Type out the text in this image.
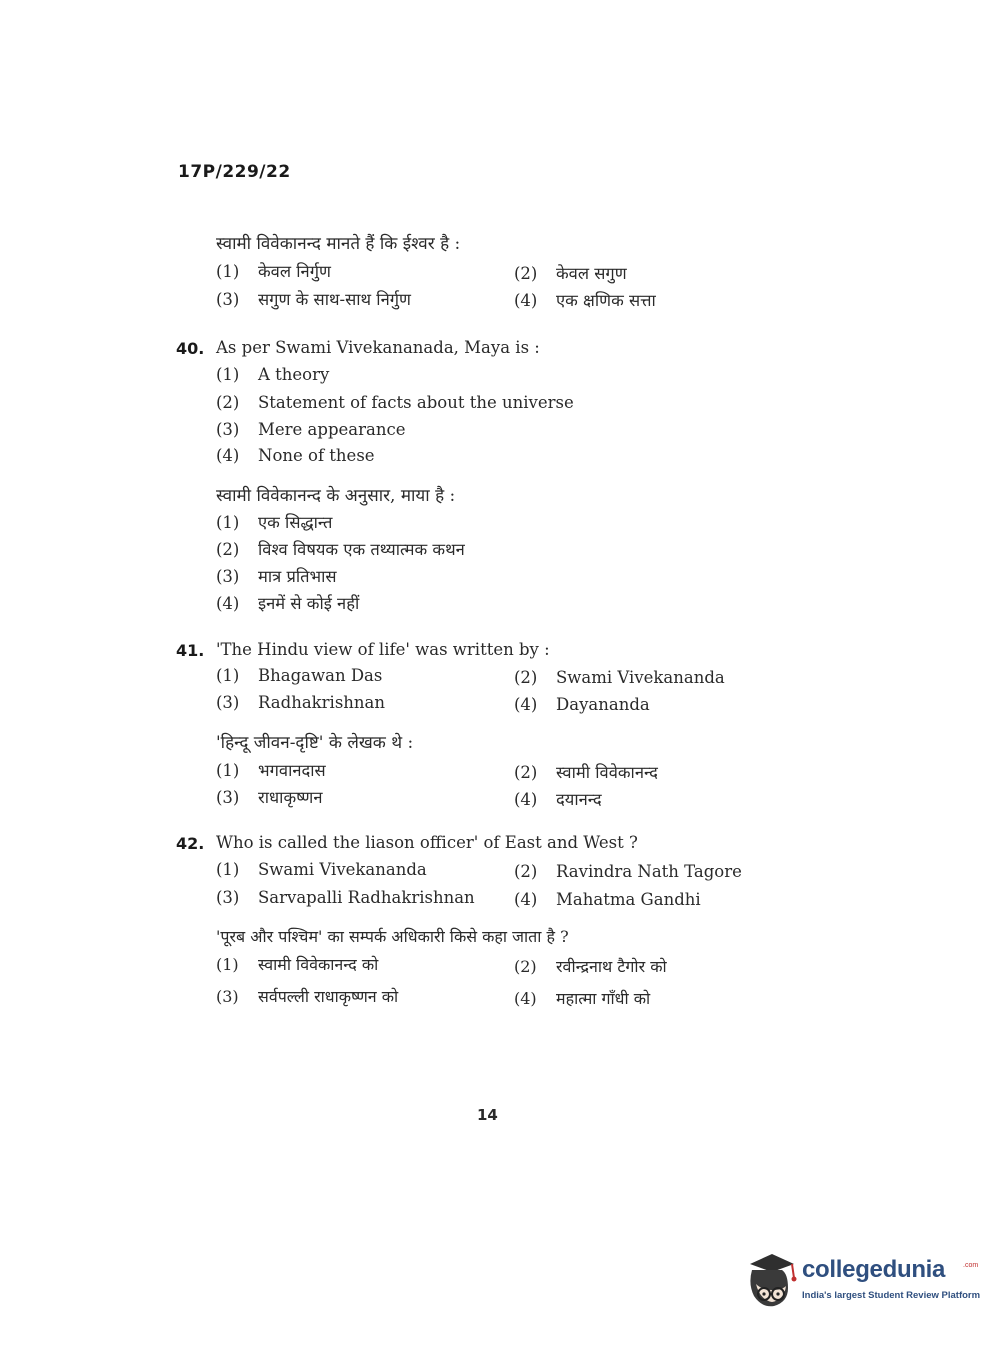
17P/229/22
स्वामी विवेकानन्द मानते हैं कि ईश्वर है :
(1) केवल निर्गुण	(2) केवल सगुण
(3) सगुण के साथ-साथ निर्गुण	(4) एक क्षणिक सत्ता
40. As per Swami Vivekananada, Maya is :
(1) A theory
(2) Statement of facts about the universe
(3) Mere appearance
(4) None of these
स्वामी विवेकानन्द के अनुसार, माया है :
(1) एक सिद्धान्त
(2) विश्व विषयक एक तथ्यात्मक कथन
(3) मात्र प्रतिभास
(4) इनमें से कोई नहीं
41. 'The Hindu view of life' was written by :
(1) Bhagawan Das	(2) Swami Vivekananda
(3) Radhakrishnan	(4) Dayananda
'हिन्दू जीवन-दृष्टि' के लेखक थे :
(1) भगवानदास	(2) स्वामी विवेकानन्द
(3) राधाकृष्णन	(4) दयानन्द
42. Who is called the liason officer' of East and West ?
(1) Swami Vivekananda	(2) Ravindra Nath Tagore
(3) Sarvapalli Radhakrishnan (4) Mahatma Gandhi
'पूरब और पश्चिम' का सम्पर्क अधिकारी किसे कहा जाता है ?
(1) स्वामी विवेकानन्द को	(2) रवीन्द्रनाथ टैगोर को
(3) सर्वपल्ली राधाकृष्णन को	(4) महात्मा गाँधी को
14
collegedunia	.com
India's largest Student Review Platform
